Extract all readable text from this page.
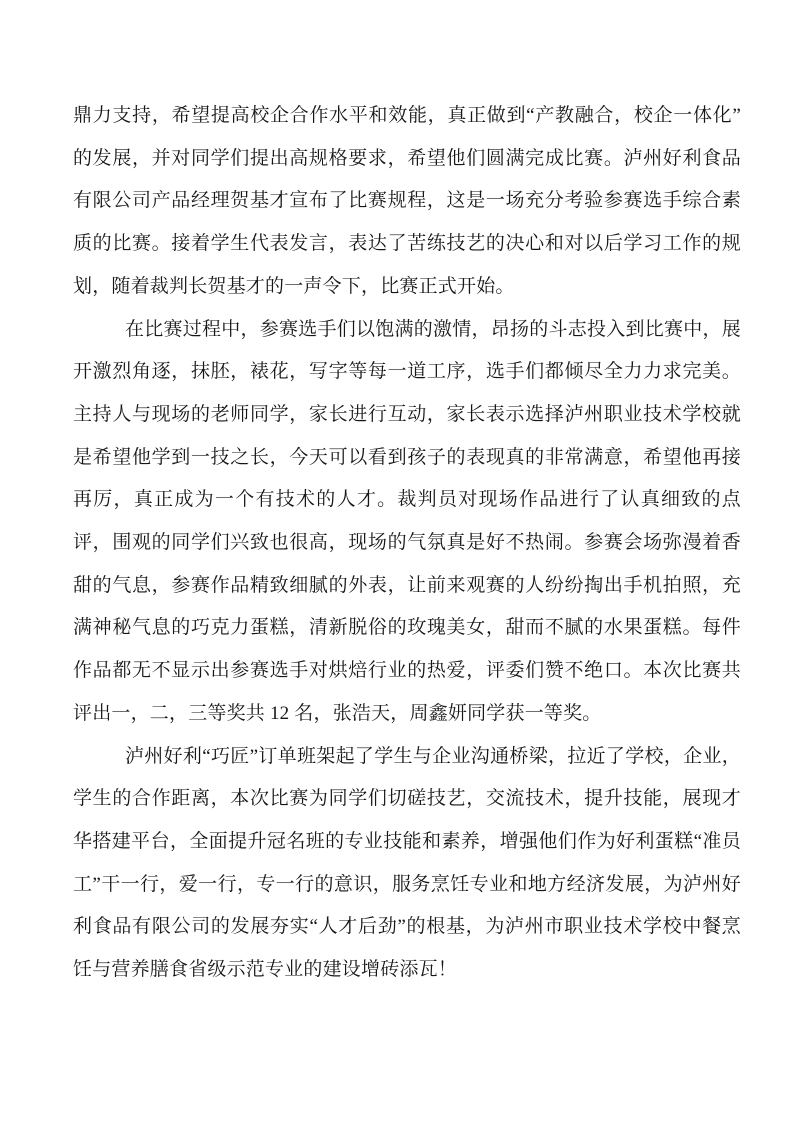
鼎力支持，希望提高校企合作水平和效能，真正做到“产教融合，校企一体化”的发展，并对同学们提出高规格要求，希望他们圆满完成比赛。泸州好利食品有限公司产品经理贺基才宣布了比赛规程，这是一场充分考验参赛选手综合素质的比赛。接着学生代表发言，表达了苦练技艺的决心和对以后学习工作的规划，随着裁判长贺基才的一声令下，比赛正式开始。

在比赛过程中，参赛选手们以饱满的激情，昂扬的斗志投入到比赛中，展开激烈角逐，抹胚，裱花，写字等每一道工序，选手们都倾尽全力力求完美。主持人与现场的老师同学，家长进行互动，家长表示选择泸州职业技术学校就是希望他学到一技之长，今天可以看到孩子的表现真的非常满意，希望他再接再厉，真正成为一个有技术的人才。裁判员对现场作品进行了认真细致的点评，围观的同学们兴致也很高，现场的气氛真是好不热闹。参赛会场弥漫着香甜的气息，参赛作品精致细腻的外表，让前来观赛的人纷纷掏出手机拍照，充满神秘气息的巧克力蛋糕，清新脱俗的玫瑰美女，甜而不腻的水果蛋糕。每件作品都无不显示出参赛选手对烘焙行业的热爱，评委们赞不绝口。本次比赛共评出一，二，三等奖共 12 名，张浩天，周鑫妍同学获一等奖。

泸州好利“巧匠”订单班架起了学生与企业沟通桥梁，拉近了学校，企业，学生的合作距离，本次比赛为同学们切磋技艺，交流技术，提升技能，展现才华搭建平台，全面提升冠名班的专业技能和素养，增强他们作为好利蛋糕“准员工”干一行，爱一行，专一行的意识，服务烹饪专业和地方经济发展，为泸州好利食品有限公司的发展夯实“人才后劲”的根基，为泸州市职业技术学校中餐烹饪与营养膳食省级示范专业的建设增砖添瓦！
